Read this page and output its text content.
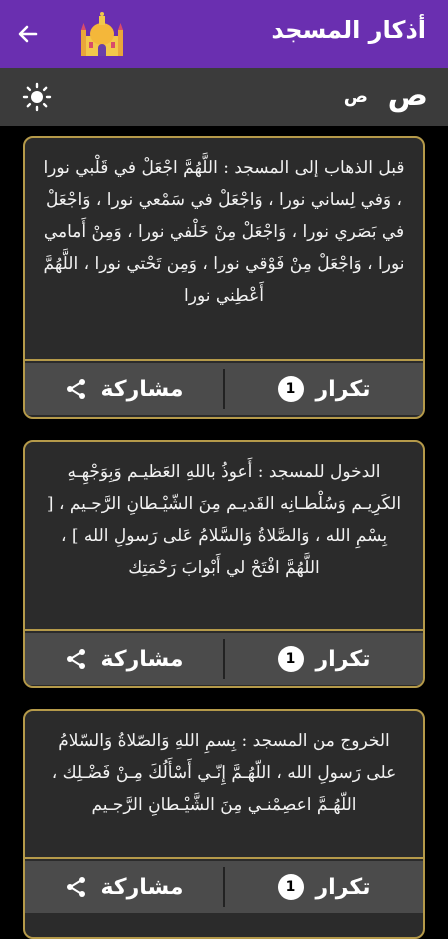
أذكار المسجد
ص ص
قبل الذهاب إلى المسجد : اللَّهُمَّ اجْعَلْ في قَلْبي نورا ، وَفي لِساني نورا ، وَاجْعَلْ في سَمْعي نورا ، وَاجْعَلْ في بَصَري نورا ، وَاجْعَلْ مِنْ خَلْفي نورا ، وَمِنْ أَمامي نورا ، وَاجْعَلْ مِنْ فَوْقي نورا ، وَمِن تَحْتي نورا ، اللَّهُمَّ أَعْطِني نورا
مشاركة	1 تكرار
الدخول للمسجد : أَعوذُ باللهِ العَظيـم وَبِوَجْهِـهِ الكَرِيـم وَسُلْطـانِه القَديـم مِنَ الشّيْـطانِ الرَّجـيم ، [ بِسْمِ الله ، وَالصَّلاةُ وَالسَّلامُ عَلى رَسولِ الله ] ، اللَّهُمَّ افْتَحْ لي أَبْوابَ رَحْمَتِك
مشاركة	1 تكرار
الخروج من المسجد : بِسمِ اللهِ وَالصّلاةُ وَالسّلامُ على رَسولِ الله ، اللّهُـمَّ إِنّـي أَسْأَلُكَ مِـنْ فَضْـلِك ، اللّهُـمَّ اعصِمْنـي مِنَ الشَّيْـطانِ الرَّجـيم
مشاركة	1 تكرار
